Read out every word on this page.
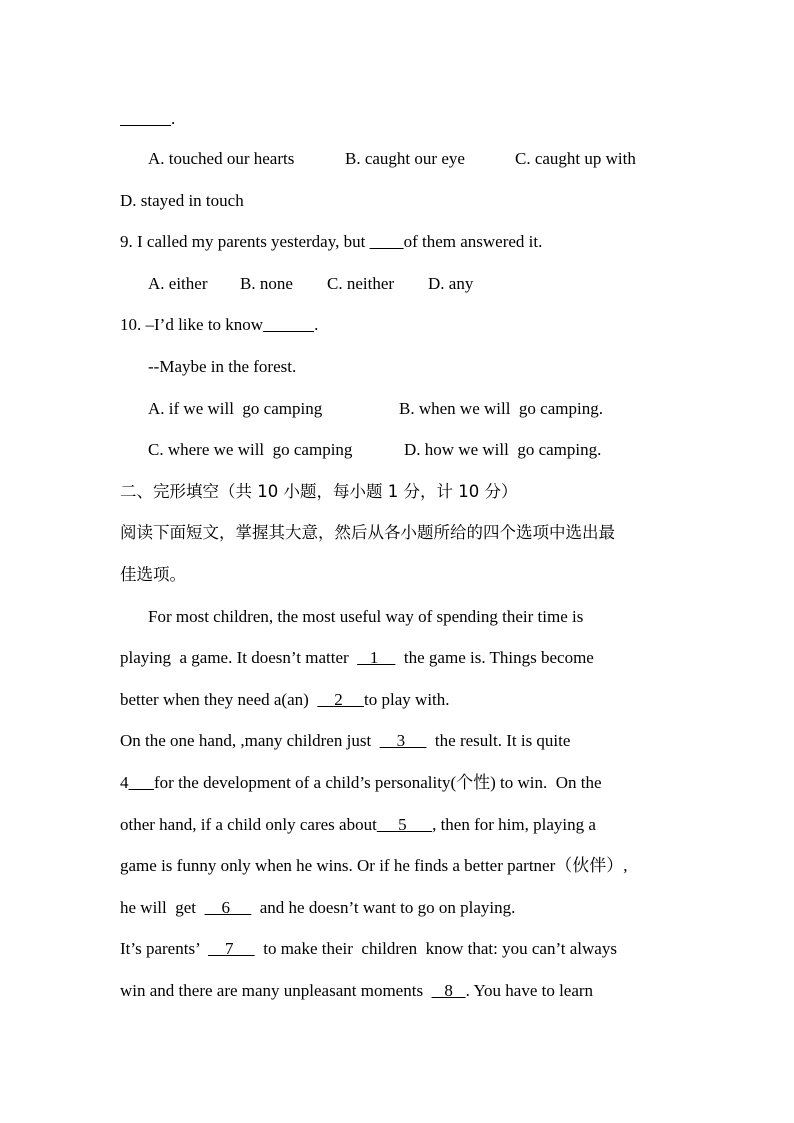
.
A. touched our hearts	B. caught our eye	C. caught up with
D. stayed in touch
9. I called my parents yesterday, but         of them answered it.
A. either B. none C. neither D. any
10. –I’d like to know	.
--Maybe in the forest.
A. if we will  go camping	B. when we will  go camping.
C. where we will  go camping	D. how we will  go camping.
二、完形填空（共 10 小题，每小题 1 分，计 10 分）
阅读下面短文，掌握其大意，然后从各小题所给的四个选项中选出最
佳选项。
For most children, the most useful way of spending their time is
playing  a game. It doesn’t matter     1      the game is. Things become
better when they need a(an)      2     to play with.
On the one hand, ,many children just      3       the result. It is quite
4 for the development of a child’s personality(个性) to win.  On the
other hand, if a child only cares about     5      , then for him, playing a
game is funny only when he wins. Or if he finds a better partner（伙伴）,
he will  get      6       and he doesn’t want to go on playing.
It’s parents’      7       to make their  children  know that: you can’t always
win and there are many unpleasant moments     8   . You have to learn
